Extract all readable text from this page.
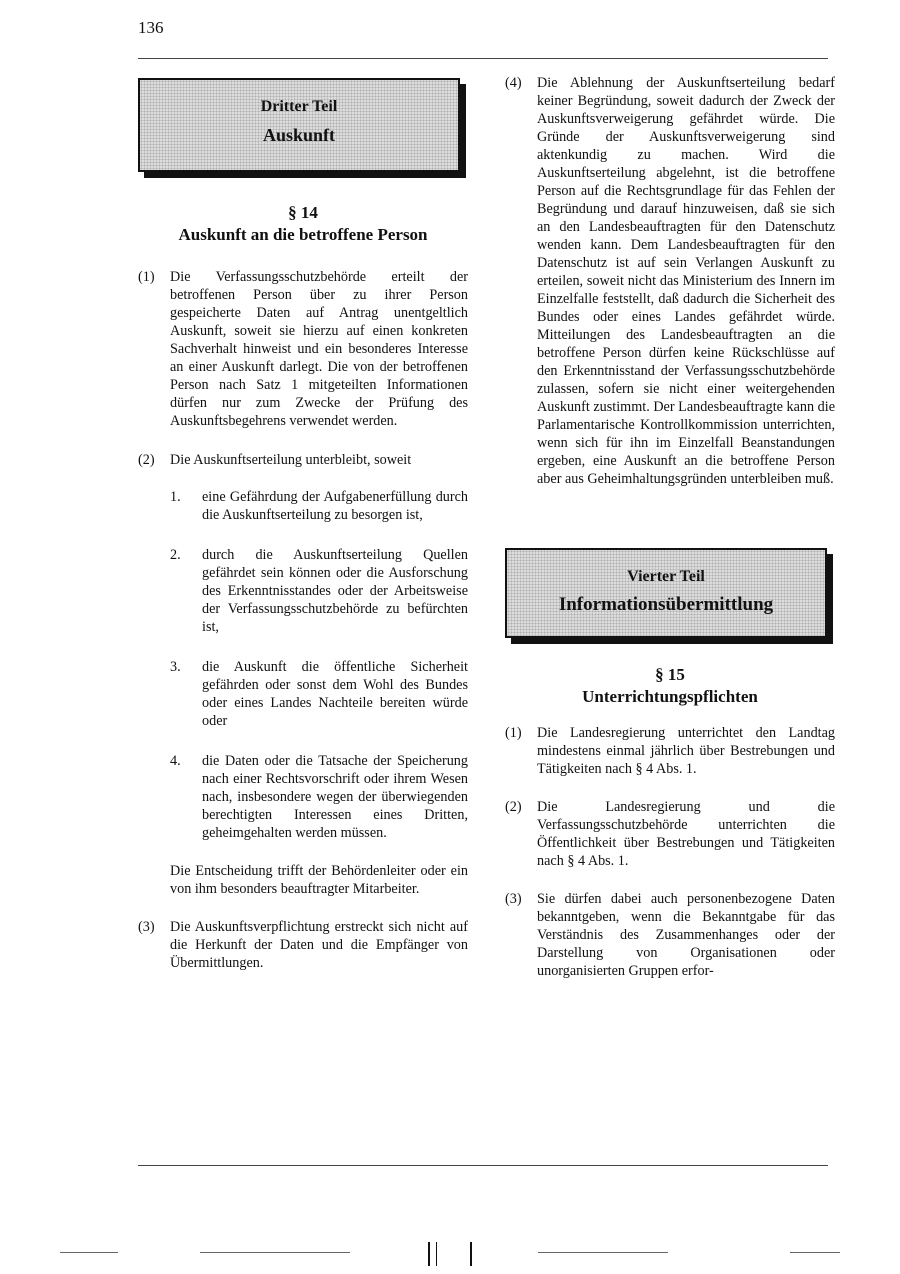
136
Dritter Teil
Auskunft
§ 14
Auskunft an die betroffene Person
(1) Die Verfassungsschutzbehörde erteilt der betroffenen Person über zu ihrer Person gespeicherte Daten auf Antrag unentgeltlich Auskunft, soweit sie hierzu auf einen konkreten Sachverhalt hinweist und ein besonderes Interesse an einer Auskunft darlegt. Die von der betroffenen Person nach Satz 1 mitgeteilten Informationen dürfen nur zum Zwecke der Prüfung des Auskunftsbegehrens verwendet werden.
(2) Die Auskunftserteilung unterbleibt, soweit
1. eine Gefährdung der Aufgabenerfüllung durch die Auskunftserteilung zu besorgen ist,
2. durch die Auskunftserteilung Quellen gefährdet sein können oder die Ausforschung des Erkenntnisstandes oder der Arbeitsweise der Verfassungsschutzbehörde zu befürchten ist,
3. die Auskunft die öffentliche Sicherheit gefährden oder sonst dem Wohl des Bundes oder eines Landes Nachteile bereiten würde oder
4. die Daten oder die Tatsache der Speicherung nach einer Rechtsvorschrift oder ihrem Wesen nach, insbesondere wegen der überwiegenden berechtigten Interessen eines Dritten, geheimgehalten werden müssen.
Die Entscheidung trifft der Behördenleiter oder ein von ihm besonders beauftragter Mitarbeiter.
(3) Die Auskunftsverpflichtung erstreckt sich nicht auf die Herkunft der Daten und die Empfänger von Übermittlungen.
(4) Die Ablehnung der Auskunftserteilung bedarf keiner Begründung, soweit dadurch der Zweck der Auskunftsverweigerung gefährdet würde. Die Gründe der Auskunftsverweigerung sind aktenkundig zu machen. Wird die Auskunftserteilung abgelehnt, ist die betroffene Person auf die Rechtsgrundlage für das Fehlen der Begründung und darauf hinzuweisen, daß sie sich an den Landesbeauftragten für den Datenschutz wenden kann. Dem Landesbeauftragten für den Datenschutz ist auf sein Verlangen Auskunft zu erteilen, soweit nicht das Ministerium des Innern im Einzelfalle feststellt, daß dadurch die Sicherheit des Bundes oder eines Landes gefährdet würde. Mitteilungen des Landesbeauftragten an die betroffene Person dürfen keine Rückschlüsse auf den Erkenntnisstand der Verfassungsschutzbehörde zulassen, sofern sie nicht einer weitergehenden Auskunft zustimmt. Der Landesbeauftragte kann die Parlamentarische Kontrollkommission unterrichten, wenn sich für ihn im Einzelfall Beanstandungen ergeben, eine Auskunft an die betroffene Person aber aus Geheimhaltungsgründen unterbleiben muß.
Vierter Teil
Informationsübermittlung
§ 15
Unterrichtungspflichten
(1) Die Landesregierung unterrichtet den Landtag mindestens einmal jährlich über Bestrebungen und Tätigkeiten nach § 4 Abs. 1.
(2) Die Landesregierung und die Verfassungsschutzbehörde unterrichten die Öffentlichkeit über Bestrebungen und Tätigkeiten nach § 4 Abs. 1.
(3) Sie dürfen dabei auch personenbezogene Daten bekanntgeben, wenn die Bekanntgabe für das Verständnis des Zusammenhanges oder der Darstellung von Organisationen oder unorganisierten Gruppen erfor-
